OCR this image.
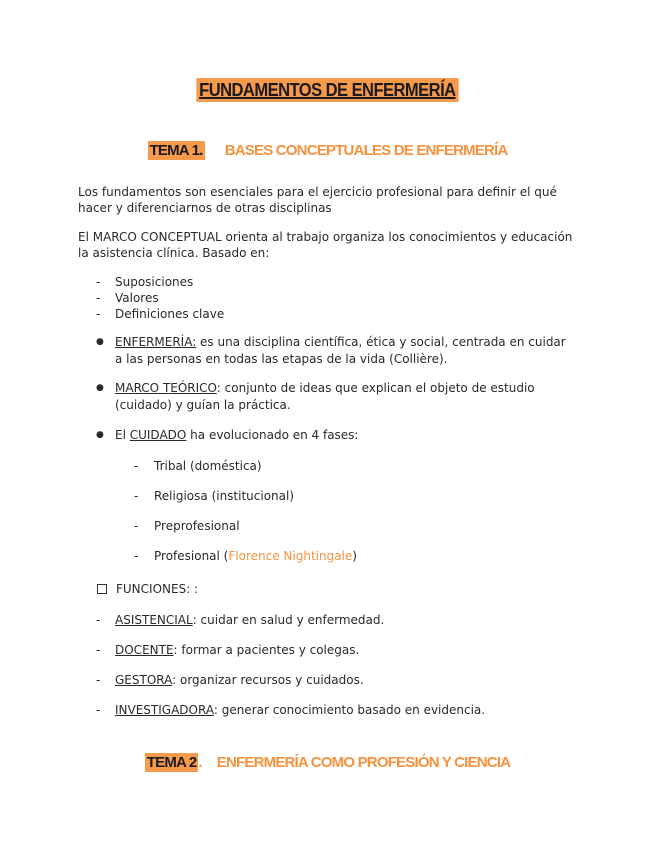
FUNDAMENTOS DE ENFERMERÍA
TEMA 1. BASES CONCEPTUALES DE ENFERMERÍA
Los fundamentos son esenciales para el ejercicio profesional para definir el qué hacer y diferenciarnos de otras disciplinas
El MARCO CONCEPTUAL orienta al trabajo organiza los conocimientos y educación la asistencia clínica. Basado en:
- Suposiciones
- Valores
- Definiciones clave
● ENFERMERÍA: es una disciplina científica, ética y social, centrada en cuidar a las personas en todas las etapas de la vida (Collière).
● MARCO TEÓRICO: conjunto de ideas que explican el objeto de estudio (cuidado) y guían la práctica.
● El CUIDADO ha evolucionado en 4 fases:
- Tribal (doméstica)
- Religiosa (institucional)
- Preprofesional
- Profesional (Florence Nightingale)
FUNCIONES: :
- ASISTENCIAL: cuidar en salud y enfermedad.
- DOCENTE: formar a pacientes y colegas.
- GESTORA: organizar recursos y cuidados.
- INVESTIGADORA: generar conocimiento basado en evidencia.
TEMA 2 . ENFERMERÍA COMO PROFESIÓN Y CIENCIA
